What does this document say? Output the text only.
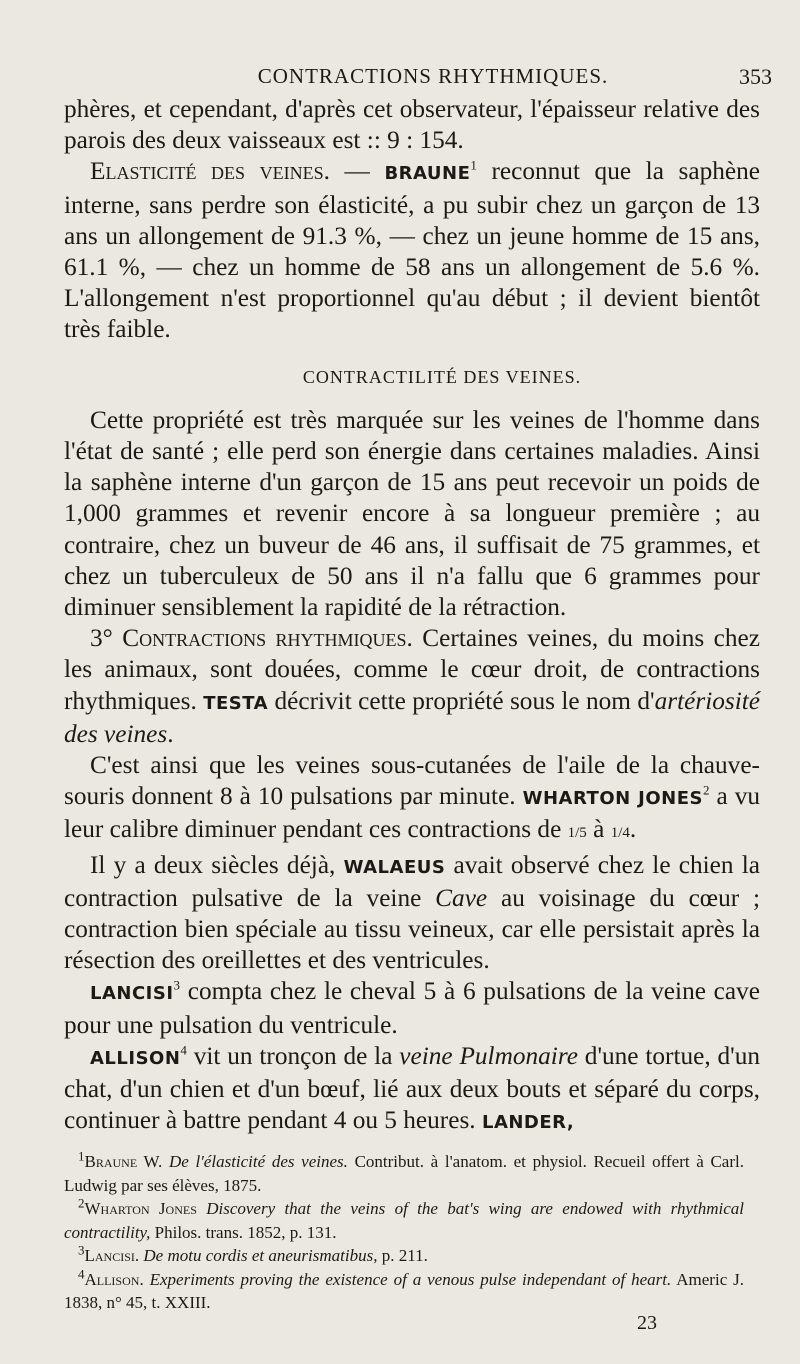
CONTRACTIONS RHYTHMIQUES.	353

phères, et cependant, d'après cet observateur, l'épaisseur relative des parois des deux vaisseaux est :: 9 : 154.

Elasticité des veines. — BRAUNE$^1$ reconnut que la saphène interne, sans perdre son élasticité, a pu subir chez un garçon de 13 ans un allongement de 91.3 %, — chez un jeune homme de 15 ans, 61.1 %, — chez un homme de 58 ans un allongement de 5.6 %. L'allongement n'est proportionnel qu'au début ; il devient bientôt très faible.

CONTRACTILITÉ DES VEINES.

Cette propriété est très marquée sur les veines de l'homme dans l'état de santé ; elle perd son énergie dans certaines maladies. Ainsi la saphène interne d'un garçon de 15 ans peut recevoir un poids de 1,000 grammes et revenir encore à sa longueur première ; au contraire, chez un buveur de 46 ans, il suffisait de 75 grammes, et chez un tuberculeux de 50 ans il n'a fallu que 6 grammes pour diminuer sensiblement la rapidité de la rétraction.

3° Contractions rhythmiques. Certaines veines, du moins chez les animaux, sont douées, comme le cœur droit, de contractions rhythmiques. TESTA décrivit cette propriété sous le nom d'artériosité des veines.

C'est ainsi que les veines sous-cutanées de l'aile de la chauve-souris donnent 8 à 10 pulsations par minute. WHARTON JONES$^2$ a vu leur calibre diminuer pendant ces contractions de 1/5 à 1/4.

Il y a deux siècles déjà, WALAEUS avait observé chez le chien la contraction pulsative de la veine Cave au voisinage du cœur ; contraction bien spéciale au tissu veineux, car elle persistait après la résection des oreillettes et des ventricules.

LANCISI$^3$ compta chez le cheval 5 à 6 pulsations de la veine cave pour une pulsation du ventricule.

ALLISON$^4$ vit un tronçon de la veine Pulmonaire d'une tortue, d'un chat, d'un chien et d'un bœuf, lié aux deux bouts et séparé du corps, continuer à battre pendant 4 ou 5 heures. LANDER,

$^1$Braune W. De l'élasticité des veines. Contribut. à l'anatom. et physiol. Recueil offert à Carl. Ludwig par ses élèves, 1875.

$^2$Wharton Jones Discovery that the veins of the bat's wing are endowed with rhythmical contractility, Philos. trans. 1852, p. 131.

$^3$Lancisi. De motu cordis et aneurismatibus, p. 211.

$^4$Allison. Experiments proving the existence of a venous pulse independant of heart. Americ J. 1838, n° 45, t. XXIII.

23
